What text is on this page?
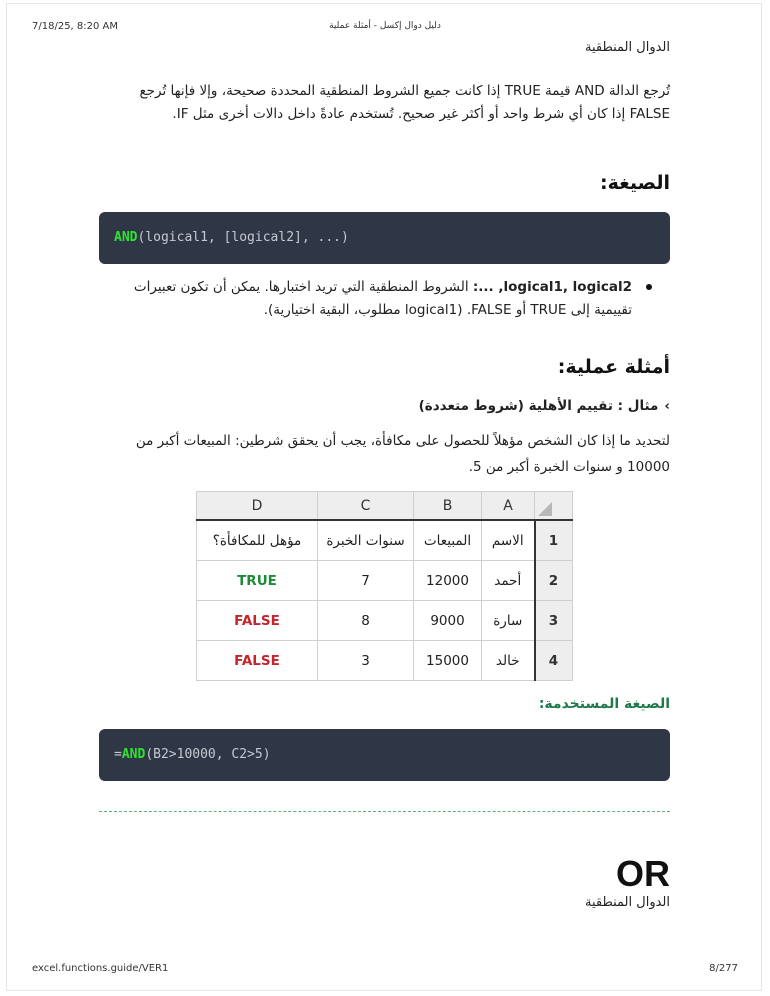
7/18/25, 8:20 AM	دليل دوال إكسل - أمثلة عملية
الدوال المنطقية
تُرجع الدالة AND قيمة TRUE إذا كانت جميع الشروط المنطقية المحددة صحيحة، وإلا فإنها تُرجع FALSE إذا كان أي شرط واحد أو أكثر غير صحيح. تُستخدم عادةً داخل دالات أخرى مثل IF.
الصيغة:
AND(logical1, [logical2], ...)
logical1, logical2, ...: الشروط المنطقية التي تريد اختبارها. يمكن أن تكون تعبيرات تقييمية إلى TRUE أو FALSE. (logical1 مطلوب، البقية اختيارية).
أمثلة عملية:
›مثال : تقييم الأهلية (شروط متعددة)
لتحديد ما إذا كان الشخص مؤهلاً للحصول على مكافأة، يجب أن يحقق شرطين: المبيعات أكبر من 10000 و سنوات الخبرة أكبر من 5.
D	C	B	A	

مؤهل للمكافأة؟	سنوات الخبرة	المبيعات	الاسم	1
TRUE	7	12000	أحمد	2
FALSE	8	9000	سارة	3
FALSE	3	15000	خالد	4
الصيغة المستخدمة:
=AND(B2>10000, C2>5)
OR
الدوال المنطقية
excel.functions.guide/VER1	8/277
